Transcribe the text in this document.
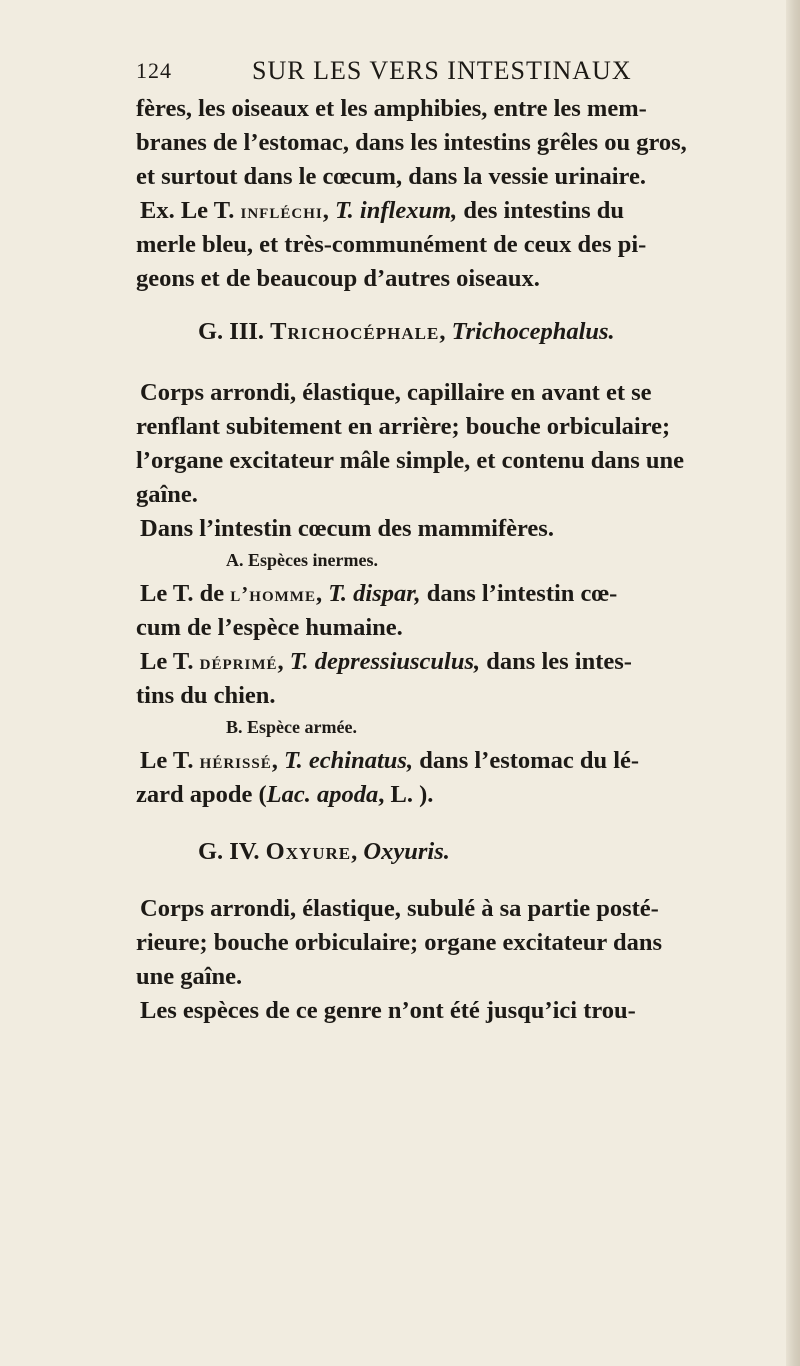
124	SUR LES VERS INTESTINAUX
fères, les oiseaux et les amphibies, entre les mem-
branes de l’estomac, dans les intestins grêles ou gros,
et surtout dans le cœcum, dans la vessie urinaire.
Ex. Le T. infléchi, T. inflexum, des intestins du
merle bleu, et très-communément de ceux des pi-
geons et de beaucoup d’autres oiseaux.
G. III. Trichocéphale, Trichocephalus.
Corps arrondi, élastique, capillaire en avant et se
renflant subitement en arrière; bouche orbiculaire;
l’organe excitateur mâle simple, et contenu dans une
gaîne.
Dans l’intestin cœcum des mammifères.
A. Espèces inermes.
Le T. de l’homme, T. dispar, dans l’intestin cœ-
cum de l’espèce humaine.
Le T. déprimé, T. depressiusculus, dans les intes-
tins du chien.
B. Espèce armée.
Le T. hérissé, T. echinatus, dans l’estomac du lé-
zard apode (Lac. apoda, L. ).
G. IV. Oxyure, Oxyuris.
Corps arrondi, élastique, subulé à sa partie posté-
rieure; bouche orbiculaire; organe excitateur dans
une gaîne.
Les espèces de ce genre n’ont été jusqu’ici trou-
